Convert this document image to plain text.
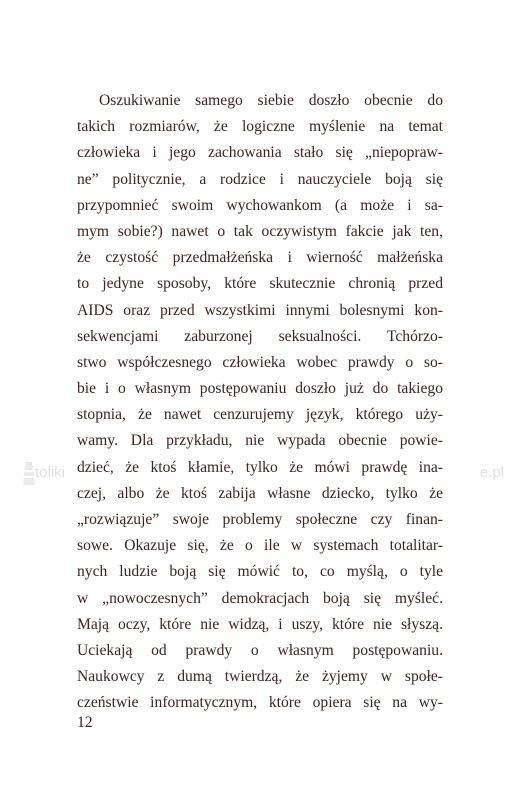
Oszukiwanie samego siebie doszło obecnie do
takich rozmiarów, że logiczne myślenie na temat
człowieka i jego zachowania stało się „niepopraw-
ne” politycznie, a rodzice i nauczyciele boją się
przypomnieć swoim wychowankom (a może i sa-
mym sobie?) nawet o tak oczywistym fakcie jak ten,
że czystość przedmałżeńska i wierność małżeńska
to jedyne sposoby, które skutecznie chronią przed
AIDS oraz przed wszystkimi innymi bolesnymi kon-
sekwencjami zaburzonej seksualności. Tchórzo-
stwo współczesnego człowieka wobec prawdy o so-
bie i o własnym postępowaniu doszło już do takiego
stopnia, że nawet cenzurujemy język, którego uży-
wamy. Dla przykładu, nie wypada obecnie powie-
dzieć, że ktoś kłamie, tylko że mówi prawdę ina-
czej, albo że ktoś zabija własne dziecko, tylko że
„rozwiązuje” swoje problemy społeczne czy finan-
sowe. Okazuje się, że o ile w systemach totalitar-
nych ludzie boją się mówić to, co myślą, o tyle
w „nowoczesnych” demokracjach boją się myśleć.
Mają oczy, które nie widzą, i uszy, które nie słyszą.
Uciekają od prawdy o własnym postępowaniu.
Naukowcy z dumą twierdzą, że żyjemy w społe-
czeństwie informatycznym, które opiera się na wy-
toliki	e.pl
12
